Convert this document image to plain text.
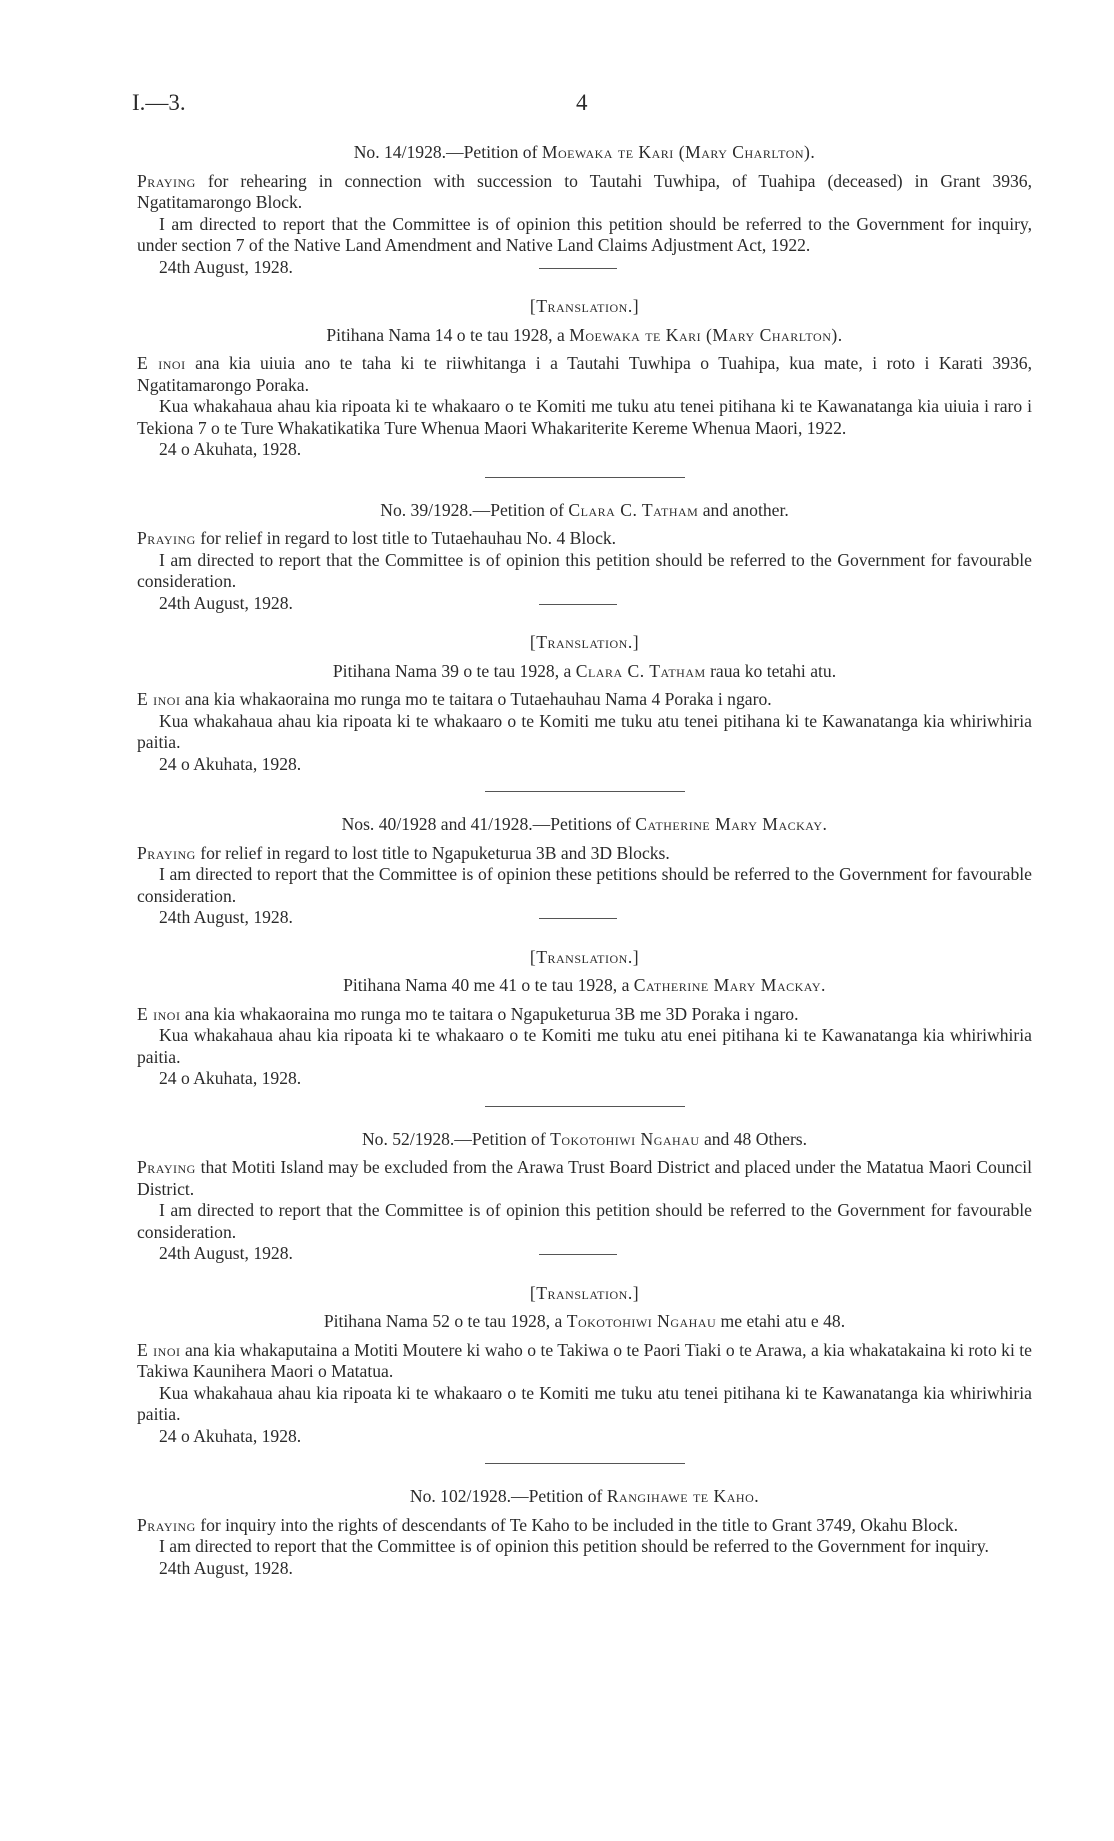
I.—3.	4
No. 14/1928.—Petition of Moewaka te Kari (Mary Charlton).

Praying for rehearing in connection with succession to Tautahi Tuwhipa, of Tuahipa (deceased) in Grant 3936, Ngatitamarongo Block.

I am directed to report that the Committee is of opinion this petition should be referred to the Government for inquiry, under section 7 of the Native Land Amendment and Native Land Claims Adjustment Act, 1922.

24th August, 1928.
[Translation.]
Pitihana Nama 14 o te tau 1928, a Moewaka te Kari (Mary Charlton).

E inoi ana kia uiuia ano te taha ki te riiwhitanga i a Tautahi Tuwhipa o Tuahipa, kua mate, i roto i Karati 3936, Ngatitamarongo Poraka.

Kua whakahaua ahau kia ripoata ki te whakaaro o te Komiti me tuku atu tenei pitihana ki te Kawanatanga kia uiuia i raro i Tekiona 7 o te Ture Whakatikatika Ture Whenua Maori Whakariterite Kereme Whenua Maori, 1922.

24 o Akuhata, 1928.
No. 39/1928.—Petition of Clara C. Tatham and another.

Praying for relief in regard to lost title to Tutaehauhau No. 4 Block.

I am directed to report that the Committee is of opinion this petition should be referred to the Government for favourable consideration.

24th August, 1928.
[Translation.]
Pitihana Nama 39 o te tau 1928, a Clara C. Tatham raua ko tetahi atu.

E inoi ana kia whakaoraina mo runga mo te taitara o Tutaehauhau Nama 4 Poraka i ngaro.

Kua whakahaua ahau kia ripoata ki te whakaaro o te Komiti me tuku atu tenei pitihana ki te Kawanatanga kia whiriwhiria paitia.

24 o Akuhata, 1928.
Nos. 40/1928 and 41/1928.—Petitions of Catherine Mary Mackay.

Praying for relief in regard to lost title to Ngapuketurua 3B and 3D Blocks.

I am directed to report that the Committee is of opinion these petitions should be referred to the Government for favourable consideration.

24th August, 1928.
[Translation.]
Pitihana Nama 40 me 41 o te tau 1928, a Catherine Mary Mackay.

E inoi ana kia whakaoraina mo runga mo te taitara o Ngapuketurua 3B me 3D Poraka i ngaro.

Kua whakahaua ahau kia ripoata ki te whakaaro o te Komiti me tuku atu enei pitihana ki te Kawanatanga kia whiriwhiria paitia.

24 o Akuhata, 1928.
No. 52/1928.—Petition of Tokotohiwi Ngahau and 48 Others.

Praying that Motiti Island may be excluded from the Arawa Trust Board District and placed under the Matatua Maori Council District.

I am directed to report that the Committee is of opinion this petition should be referred to the Government for favourable consideration.

24th August, 1928.
[Translation.]
Pitihana Nama 52 o te tau 1928, a Tokotohiwi Ngahau me etahi atu e 48.

E inoi ana kia whakaputaina a Motiti Moutere ki waho o te Takiwa o te Paori Tiaki o te Arawa, a kia whakatakaina ki roto ki te Takiwa Kaunihera Maori o Matatua.

Kua whakahaua ahau kia ripoata ki te whakaaro o te Komiti me tuku atu tenei pitihana ki te Kawanatanga kia whiriwhiria paitia.

24 o Akuhata, 1928.
No. 102/1928.—Petition of Rangihawe te Kaho.

Praying for inquiry into the rights of descendants of Te Kaho to be included in the title to Grant 3749, Okahu Block.

I am directed to report that the Committee is of opinion this petition should be referred to the Government for inquiry.

24th August, 1928.
